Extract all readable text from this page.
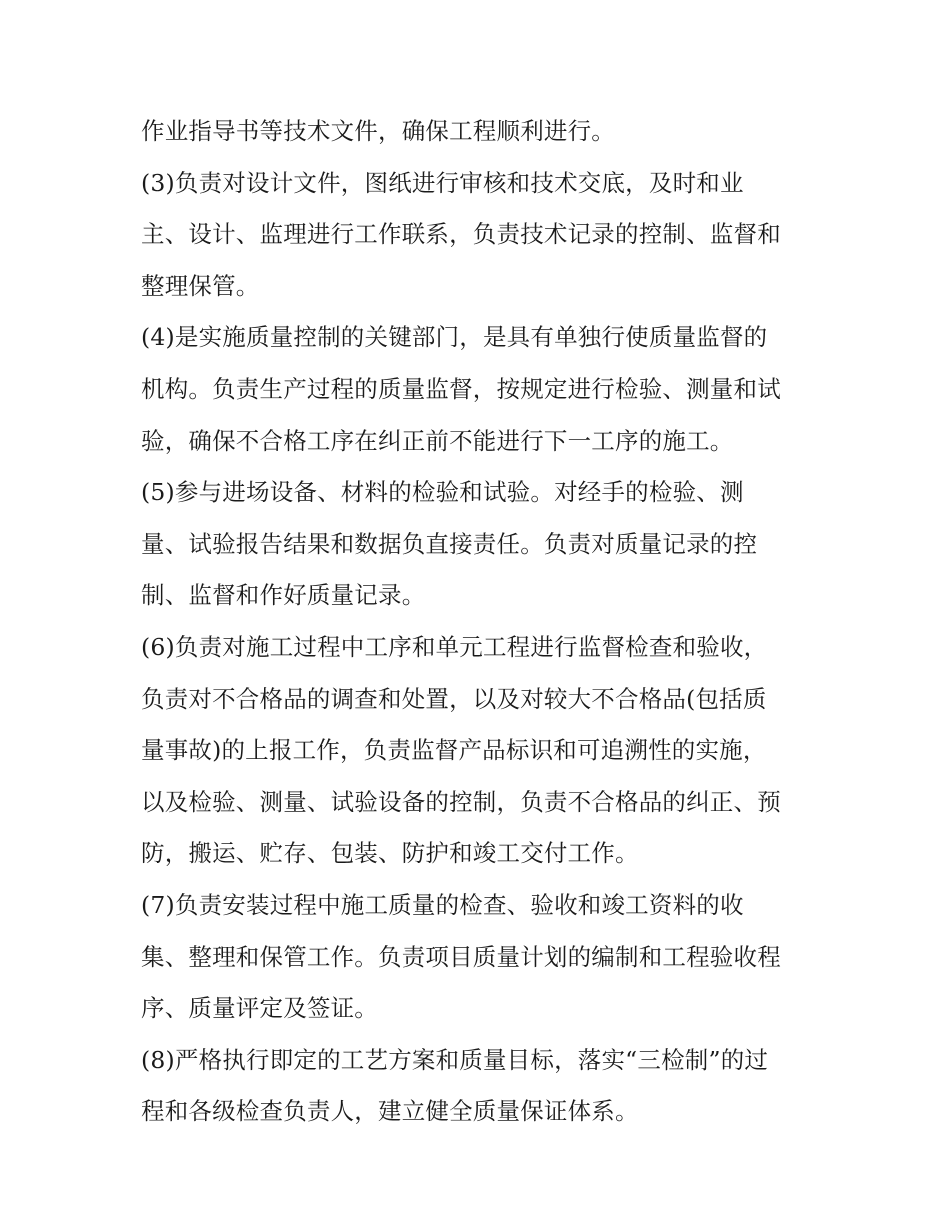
作业指导书等技术文件，确保工程顺利进行。
(3)负责对设计文件，图纸进行审核和技术交底，及时和业
主、设计、监理进行工作联系，负责技术记录的控制、监督和
整理保管。
(4)是实施质量控制的关键部门，是具有单独行使质量监督的
机构。负责生产过程的质量监督，按规定进行检验、测量和试
验，确保不合格工序在纠正前不能进行下一工序的施工。
(5)参与进场设备、材料的检验和试验。对经手的检验、测
量、试验报告结果和数据负直接责任。负责对质量记录的控
制、监督和作好质量记录。
(6)负责对施工过程中工序和单元工程进行监督检查和验收，
负责对不合格品的调查和处置，以及对较大不合格品(包括质
量事故)的上报工作，负责监督产品标识和可追溯性的实施，
以及检验、测量、试验设备的控制，负责不合格品的纠正、预
防，搬运、贮存、包装、防护和竣工交付工作。
(7)负责安装过程中施工质量的检查、验收和竣工资料的收
集、整理和保管工作。负责项目质量计划的编制和工程验收程
序、质量评定及签证。
(8)严格执行即定的工艺方案和质量目标，落实“三检制”的过
程和各级检查负责人，建立健全质量保证体系。
